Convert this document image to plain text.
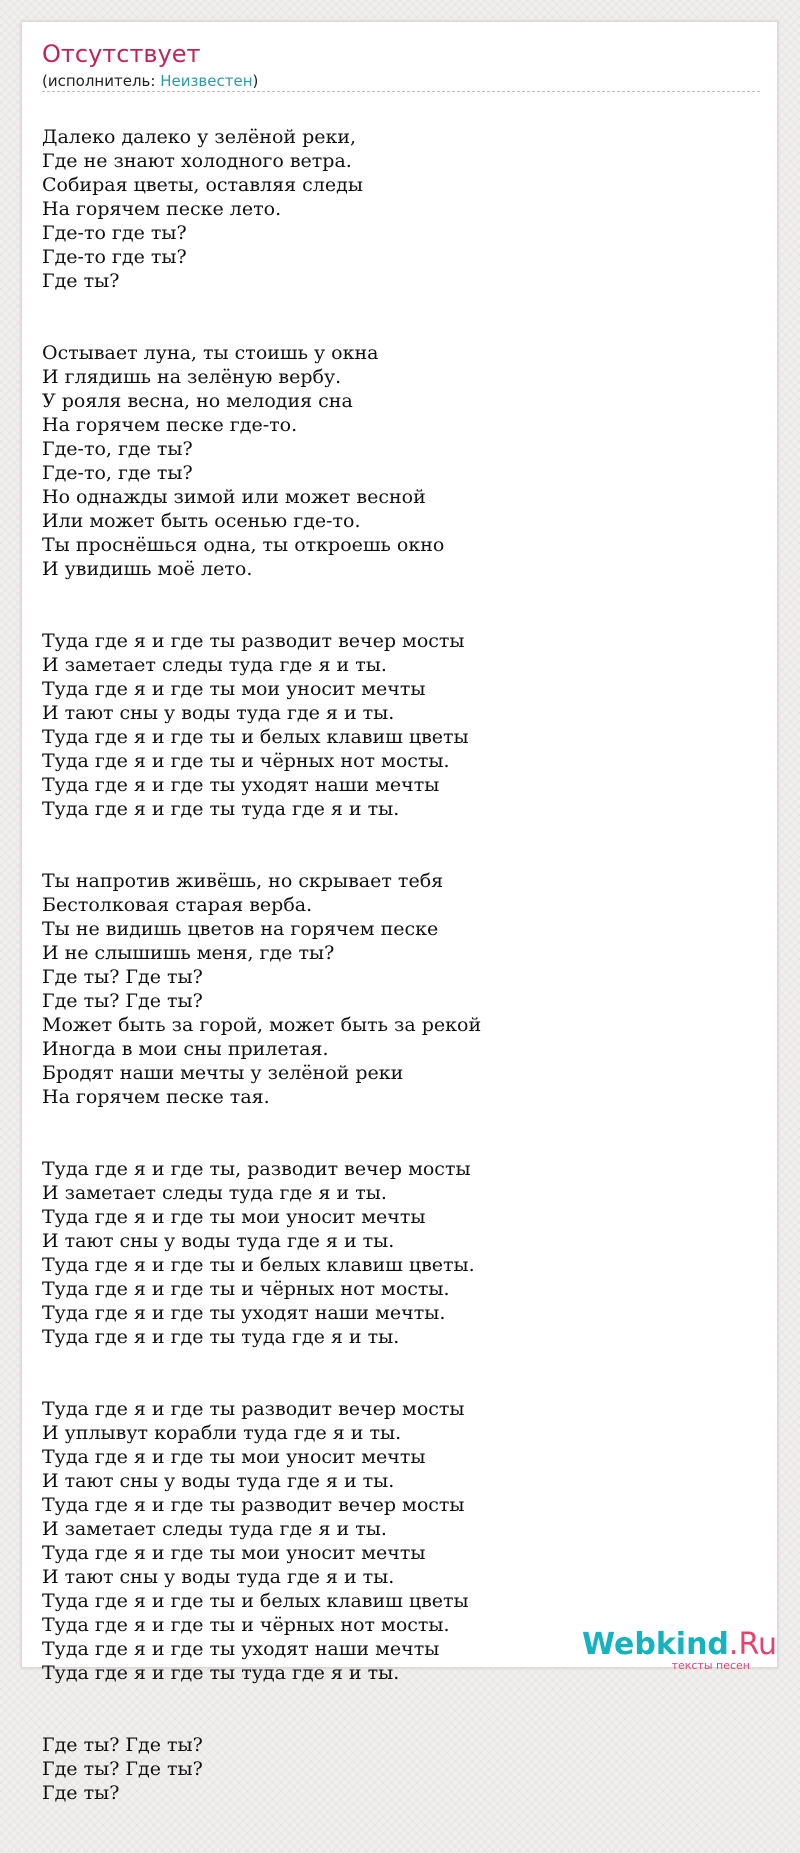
Отсутствует
(исполнитель: Неизвестен)

Далеко далеко у зелёной реки,
Где не знают холодного ветра.
Собирая цветы, оставляя следы
На горячем песке лето.
Где-то где ты?
Где-то где ты?
Где ты?

Остывает луна, ты стоишь у окна
И глядишь на зелёную вербу.
У рояля весна, но мелодия сна
На горячем песке где-то.
Где-то, где ты?
Где-то, где ты?
Но однажды зимой или может весной
Или может быть осенью где-то.
Ты проснёшься одна, ты откроешь окно
И увидишь моё лето.

Туда где я и где ты разводит вечер мосты
И заметает следы туда где я и ты.
Туда где я и где ты мои уносит мечты
И тают сны у воды туда где я и ты.
Туда где я и где ты и белых клавиш цветы
Туда где я и где ты и чёрных нот мосты.
Туда где я и где ты уходят наши мечты
Туда где я и где ты туда где я и ты.

Ты напротив живёшь, но скрывает тебя
Бестолковая старая верба.
Ты не видишь цветов на горячем песке
И не слышишь меня, где ты?
Где ты? Где ты?
Где ты? Где ты?
Может быть за горой, может быть за рекой
Иногда в мои сны прилетая.
Бродят наши мечты у зелёной реки
На горячем песке тая.

Туда где я и где ты, разводит вечер мосты
И заметает следы туда где я и ты.
Туда где я и где ты мои уносит мечты
И тают сны у воды туда где я и ты.
Туда где я и где ты и белых клавиш цветы.
Туда где я и где ты и чёрных нот мосты.
Туда где я и где ты уходят наши мечты.
Туда где я и где ты туда где я и ты.

Туда где я и где ты разводит вечер мосты
И уплывут корабли туда где я и ты.
Туда где я и где ты мои уносит мечты
И тают сны у воды туда где я и ты.
Туда где я и где ты разводит вечер мосты
И заметает следы туда где я и ты.
Туда где я и где ты мои уносит мечты
И тают сны у воды туда где я и ты.
Туда где я и где ты и белых клавиш цветы
Туда где я и где ты и чёрных нот мосты.
Туда где я и где ты уходят наши мечты
Туда где я и где ты туда где я и ты.

Где ты? Где ты?
Где ты? Где ты?
Где ты?

Webkind.Ru
тексты песен
